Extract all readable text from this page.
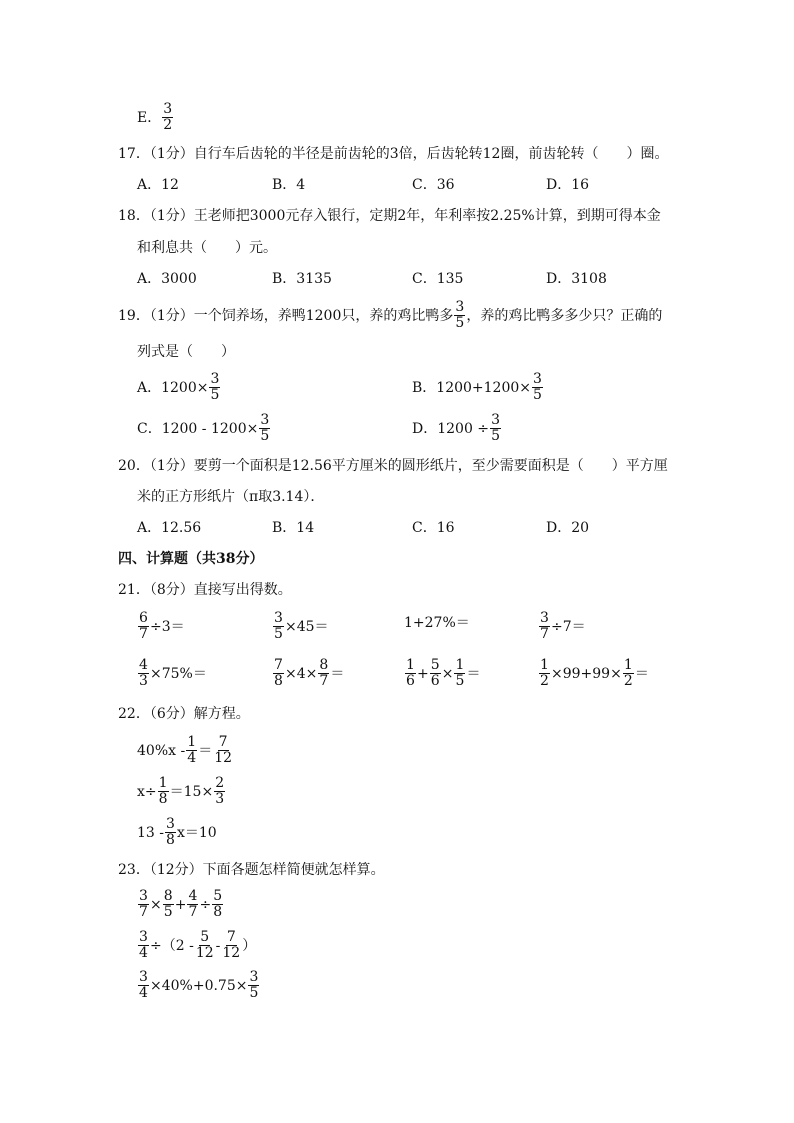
E． $\frac{3}{2}$
17．（1分）自行车后齿轮的半径是前齿轮的3倍，后齿轮转12圈，前齿轮转（　　）圈。
A．12	B．4	C．36	D．16
18．（1分）王老师把3000元存入银行，定期2年，年利率按2.25%计算，到期可得本金
和利息共（　　）元。
A．3000	B．3135	C．135	D．3108
19．（1分）一个饲养场，养鸭1200只，养的鸡比鸭多 $\frac{3}{5}$ ，养的鸡比鸭多多少只？正确的
列式是（　　）
A．$1200\times \frac{3}{5}$	B．$1200+1200\times \frac{3}{5}$
C．$1200 - 1200\times \frac{3}{5}$	D．$1200 \div \frac{3}{5}$
20．（1分）要剪一个面积是12.56平方厘米的圆形纸片，至少需要面积是（　　）平方厘
米的正方形纸片（π取3.14）．
A．12.56	B．14	C．16	D．20
四、计算题（共38分）
21．（8分）直接写出得数。
$\frac{6}{7} \div 3=$	$\frac{3}{5} \times 45=$	1+27%＝	$\frac{3}{7} \div 7=$
$\frac{4}{3} \times 75\%=$	$\frac{7}{8} \times 4\times \frac{8}{7}$ ＝	$\frac{1}{6} + \frac{5}{6} \times \frac{1}{5}$ ＝	$\frac{1}{2} \times 99+99\times \frac{1}{2}$ ＝
22．（6分）解方程。
$40\%x - \frac{1}{4} = \frac{7}{12}$
$x\div \frac{1}{8} =15\times \frac{2}{3}$
$13 - \frac{3}{8} x=10$
23．（12分）下面各题怎样简便就怎样算。
$\frac{3}{7} \times \frac{8}{5} + \frac{4}{7} \div \frac{5}{8}$
$\frac{3}{4} \div(2 - \frac{5}{12} - \frac{7}{12}$ ）
$\frac{3}{4} \times 40\%+0.75\times \frac{3}{5}$
